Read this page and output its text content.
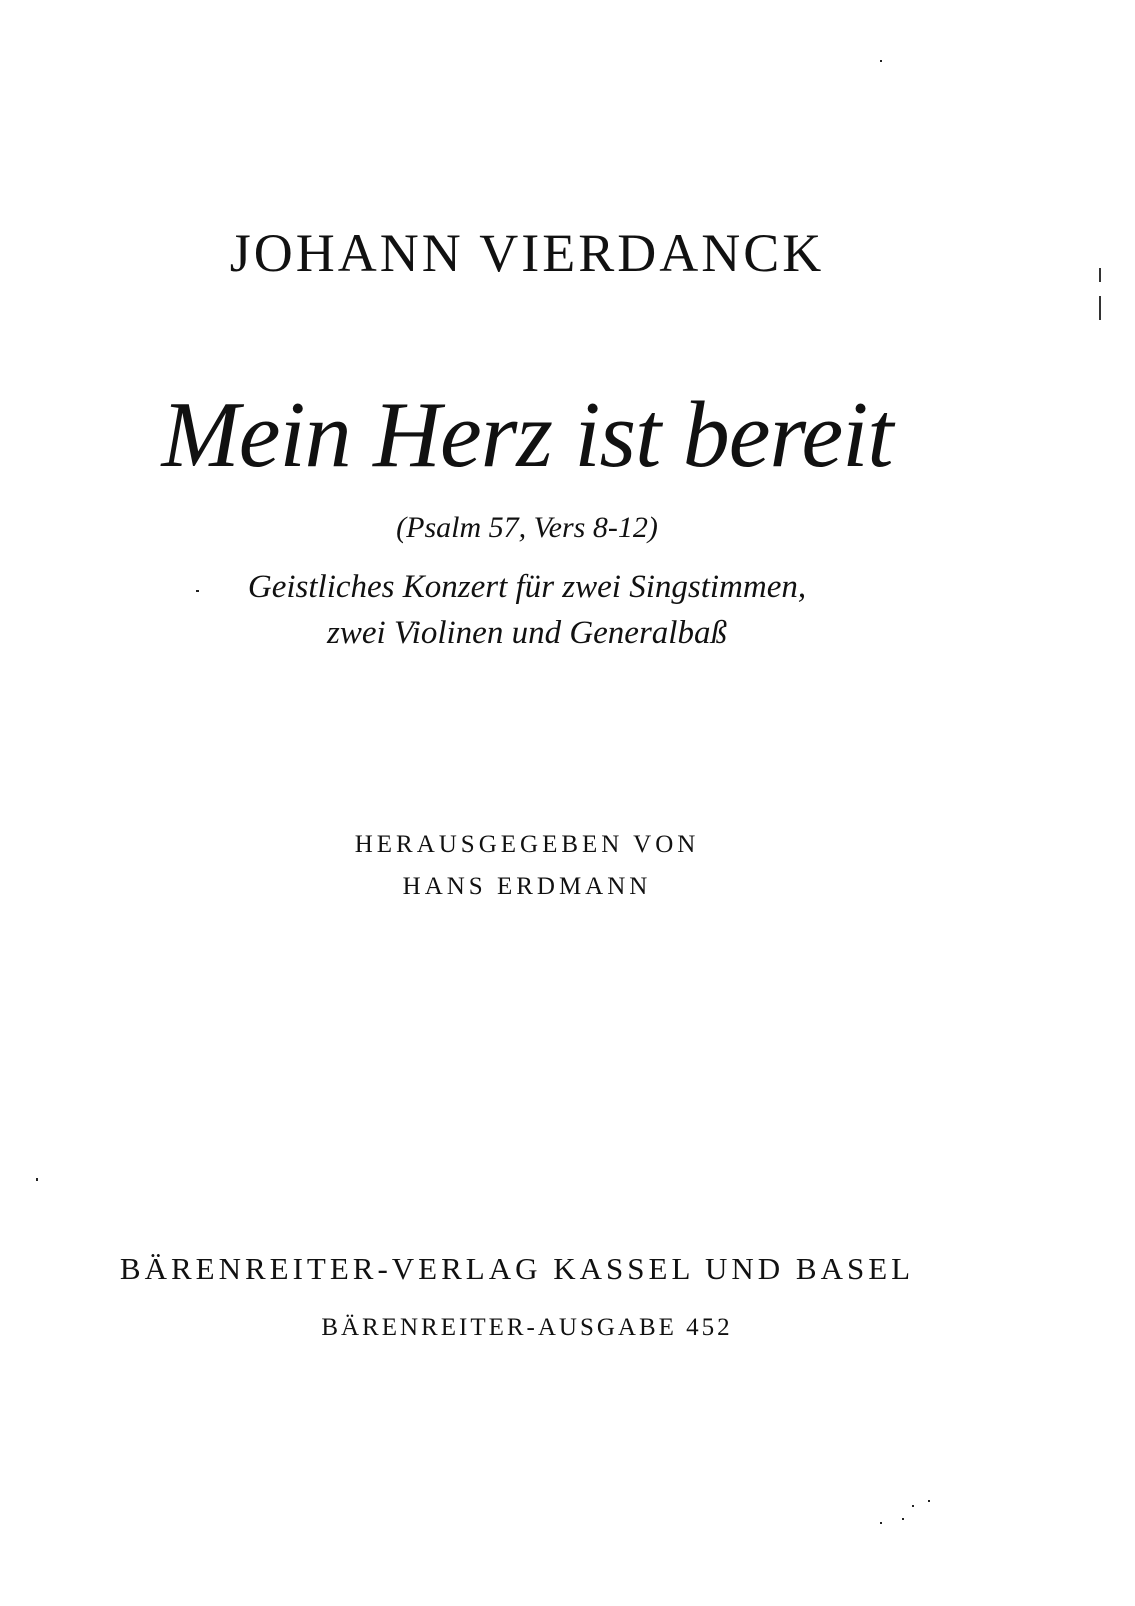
JOHANN VIERDANCK
Mein Herz ist bereit
(Psalm 57, Vers 8-12)
Geistliches Konzert für zwei Singstimmen,
zwei Violinen und Generalbaß
HERAUSGEGEBEN VON
HANS ERDMANN
BÄRENREITER-VERLAG KASSEL UND BASEL
BÄRENREITER-AUSGABE 452
